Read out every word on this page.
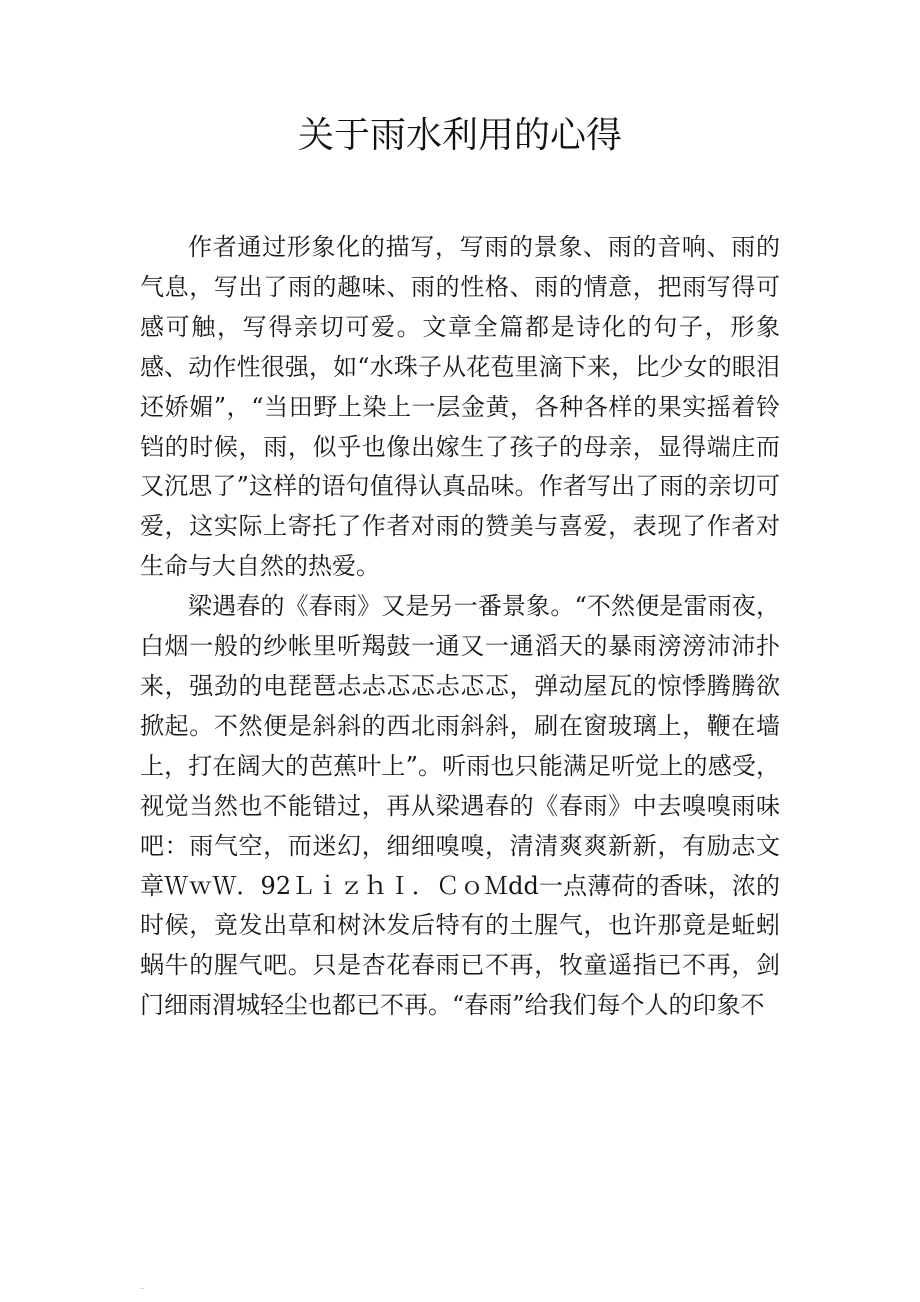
关于雨水利用的心得

作者通过形象化的描写，写雨的景象、雨的音响、雨的气息，写出了雨的趣味、雨的性格、雨的情意，把雨写得可感可触，写得亲切可爱。文章全篇都是诗化的句子，形象感、动作性很强，如“水珠子从花苞里滴下来，比少女的眼泪还娇媚”，“当田野上染上一层金黄，各种各样的果实摇着铃铛的时候，雨，似乎也像出嫁生了孩子的母亲，显得端庄而又沉思了”这样的语句值得认真品味。作者写出了雨的亲切可爱，这实际上寄托了作者对雨的赞美与喜爱，表现了作者对生命与大自然的热爱。

梁遇春的《春雨》又是另一番景象。“不然便是雷雨夜，白烟一般的纱帐里听羯鼓一通又一通滔天的暴雨滂滂沛沛扑来，强劲的电琵琶忐忐忑忑忐忑忑，弹动屋瓦的惊悸腾腾欲掀起。不然便是斜斜的西北雨斜斜，刷在窗玻璃上，鞭在墙上，打在阔大的芭蕉叶上”。听雨也只能满足听觉上的感受，视觉当然也不能错过，再从梁遇春的《春雨》中去嗅嗅雨味吧：雨气空，而迷幻，细细嗅嗅，清清爽爽新新，有励志文章ＷｗＷ．92ＬｉｚｈＩ．ＣｏＭdd一点薄荷的香味，浓的时候，竟发出草和树沐发后特有的土腥气，也许那竟是蚯蚓蜗牛的腥气吧。只是杏花春雨已不再，牧童遥指已不再，剑门细雨渭城轻尘也都已不再。“春雨”给我们每个人的印象不
